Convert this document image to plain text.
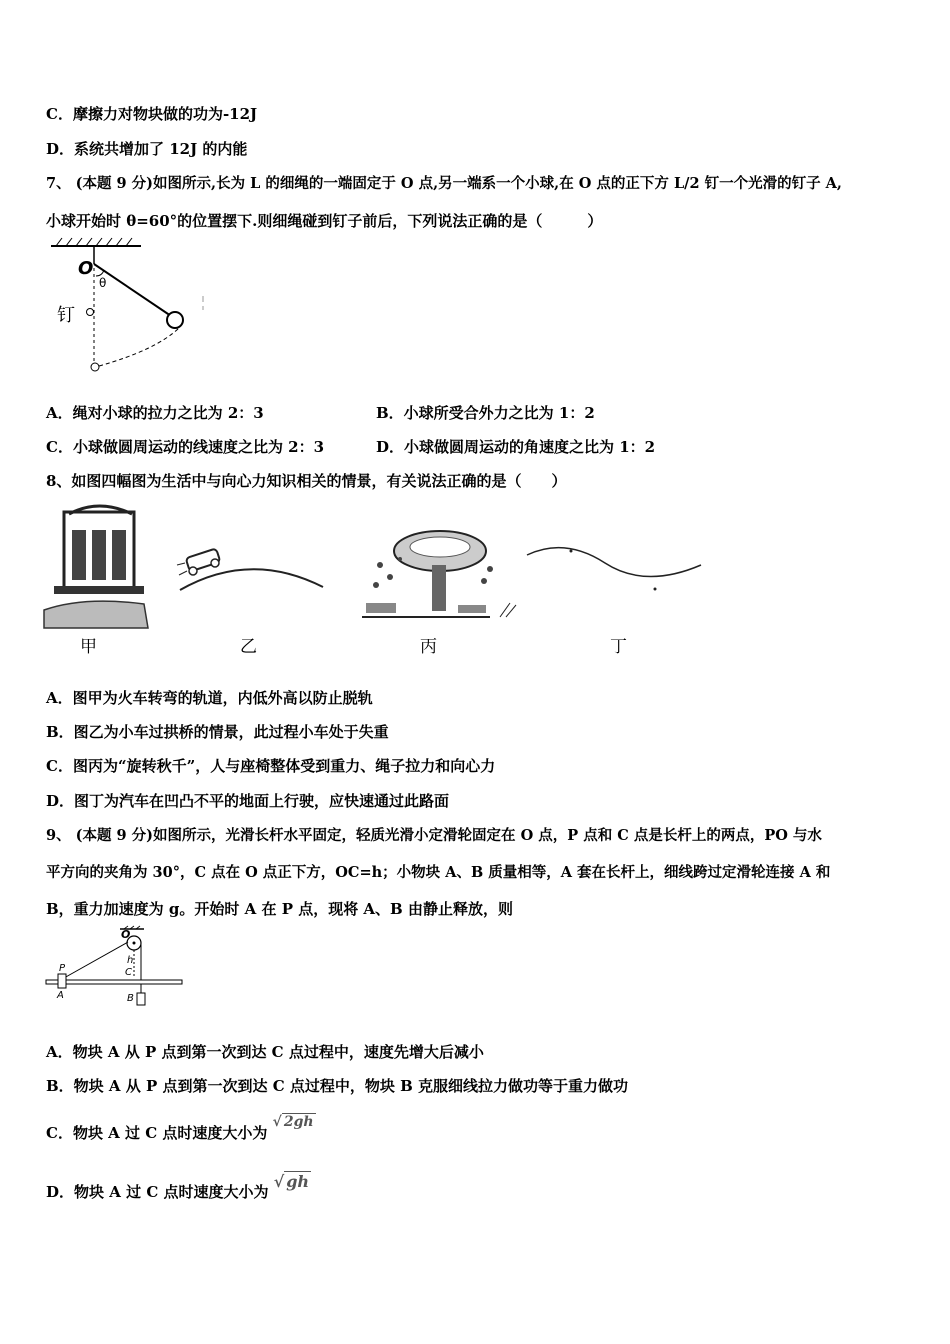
C．摩擦力对物块做的功为-12J
D．系统共增加了 12J 的内能
7、 (本题 9 分)如图所示,长为 L 的细绳的一端固定于 O 点,另一端系一个小球,在 O 点的正下方 L/2 钉一个光滑的钉子 A,
小球开始时 θ=60°的位置摆下.则细绳碰到钉子前后，下列说法正确的是（　　　）
O
θ
钉
A．绳对小球的拉力之比为 2：3	B．小球所受合外力之比为 1：2
C．小球做圆周运动的线速度之比为 2：3	D．小球做圆周运动的角速度之比为 1：2
8、如图四幅图为生活中与向心力知识相关的情景，有关说法正确的是（　　）
甲	乙	丙	丁
A．图甲为火车转弯的轨道，内低外高以防止脱轨
B．图乙为小车过拱桥的情景，此过程小车处于失重
C．图丙为“旋转秋千”，人与座椅整体受到重力、绳子拉力和向心力
D．图丁为汽车在凹凸不平的地面上行驶，应快速通过此路面
9、 (本题 9 分)如图所示，光滑长杆水平固定，轻质光滑小定滑轮固定在 O 点，P 点和 C 点是长杆上的两点，PO 与水
平方向的夹角为 30°，C 点在 O 点正下方，OC=h；小物块 A、B 质量相等，A 套在长杆上，细线跨过定滑轮连接 A 和
B，重力加速度为 g。开始时 A 在 P 点，现将 A、B 由静止释放，则
O
P
h
C
A	B
A．物块 A 从 P 点到第一次到达 C 点过程中，速度先增大后减小
B．物块 A 从 P 点到第一次到达 C 点过程中，物块 B 克服细线拉力做功等于重力做功
C．物块 A 过 C 点时速度大小为 √ 2gh
D．物块 A 过 C 点时速度大小为 √ gh
